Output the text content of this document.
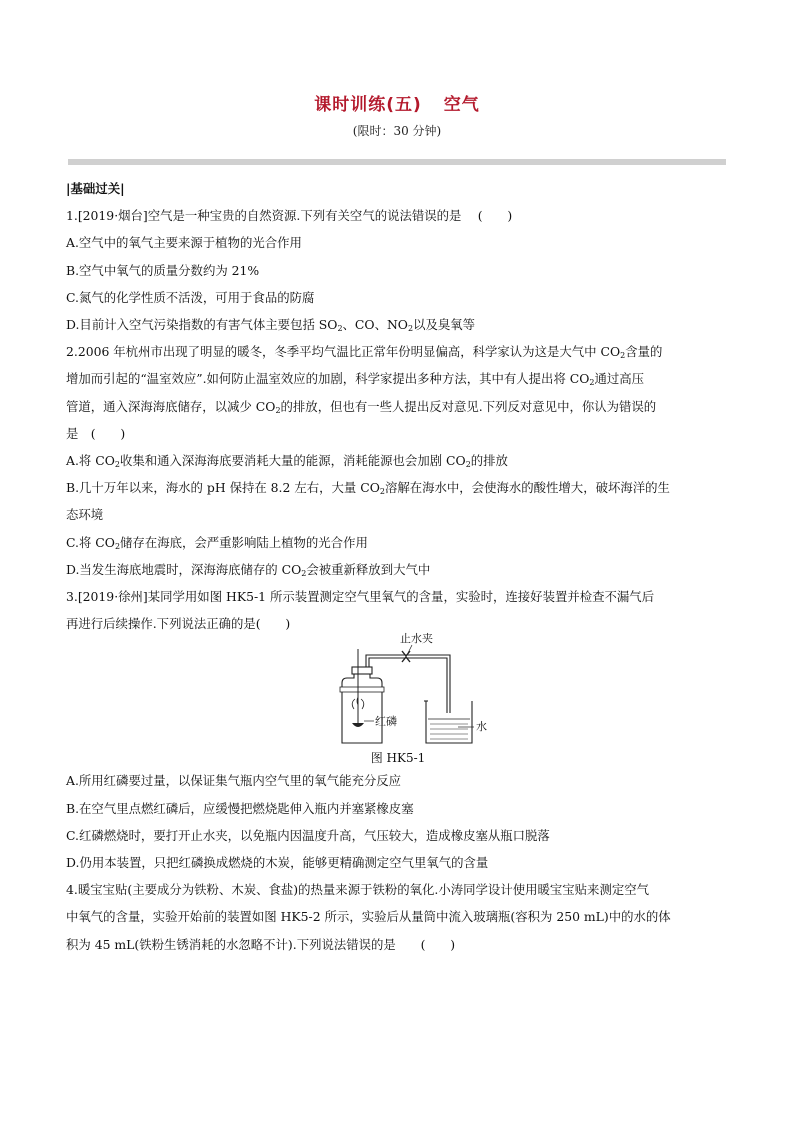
课时训练(五) 空气
(限时：30 分钟)

|基础过关|

1.[2019·烟台]空气是一种宝贵的自然资源.下列有关空气的说法错误的是　 (　　)

A.空气中的氧气主要来源于植物的光合作用

B.空气中氧气的质量分数约为 21%

C.氮气的化学性质不活泼，可用于食品的防腐

D.目前计入空气污染指数的有害气体主要包括 $SO_2$、CO、$NO_2$以及臭氧等

2.2006 年杭州市出现了明显的暖冬，冬季平均气温比正常年份明显偏高，科学家认为这是大气中 $CO_2$含量的

增加而引起的“温室效应”.如何防止温室效应的加剧，科学家提出多种方法，其中有人提出将 $CO_2$通过高压

管道，通入深海海底储存，以减少 $CO_2$的排放，但也有一些人提出反对意见.下列反对意见中，你认为错误的

是　(　　)

A.将 $CO_2$收集和通入深海海底要消耗大量的能源，消耗能源也会加剧 $CO_2$的排放

B.几十万年以来，海水的 pH 保持在 8.2 左右，大量 $CO_2$溶解在海水中，会使海水的酸性增大，破坏海洋的生

态环境

C.将 $CO_2$储存在海底，会严重影响陆上植物的光合作用

D.当发生海底地震时，深海海底储存的 $CO_2$会被重新释放到大气中

3.[2019·徐州]某同学用如图 HK5-1 所示装置测定空气里氧气的含量，实验时，连接好装置并检查不漏气后

再进行后续操作.下列说法正确的是(　　)

止水夹
红磷	水
图 HK5-1

A.所用红磷要过量，以保证集气瓶内空气里的氧气能充分反应

B.在空气里点燃红磷后，应缓慢把燃烧匙伸入瓶内并塞紧橡皮塞

C.红磷燃烧时，要打开止水夹，以免瓶内因温度升高，气压较大，造成橡皮塞从瓶口脱落

D.仍用本装置，只把红磷换成燃烧的木炭，能够更精确测定空气里氧气的含量

4.暖宝宝贴(主要成分为铁粉、木炭、食盐)的热量来源于铁粉的氧化.小涛同学设计使用暖宝宝贴来测定空气

中氧气的含量，实验开始前的装置如图 HK5-2 所示，实验后从量筒中流入玻璃瓶(容积为 250 mL)中的水的体

积为 45 mL(铁粉生锈消耗的水忽略不计).下列说法错误的是　　(　　)
